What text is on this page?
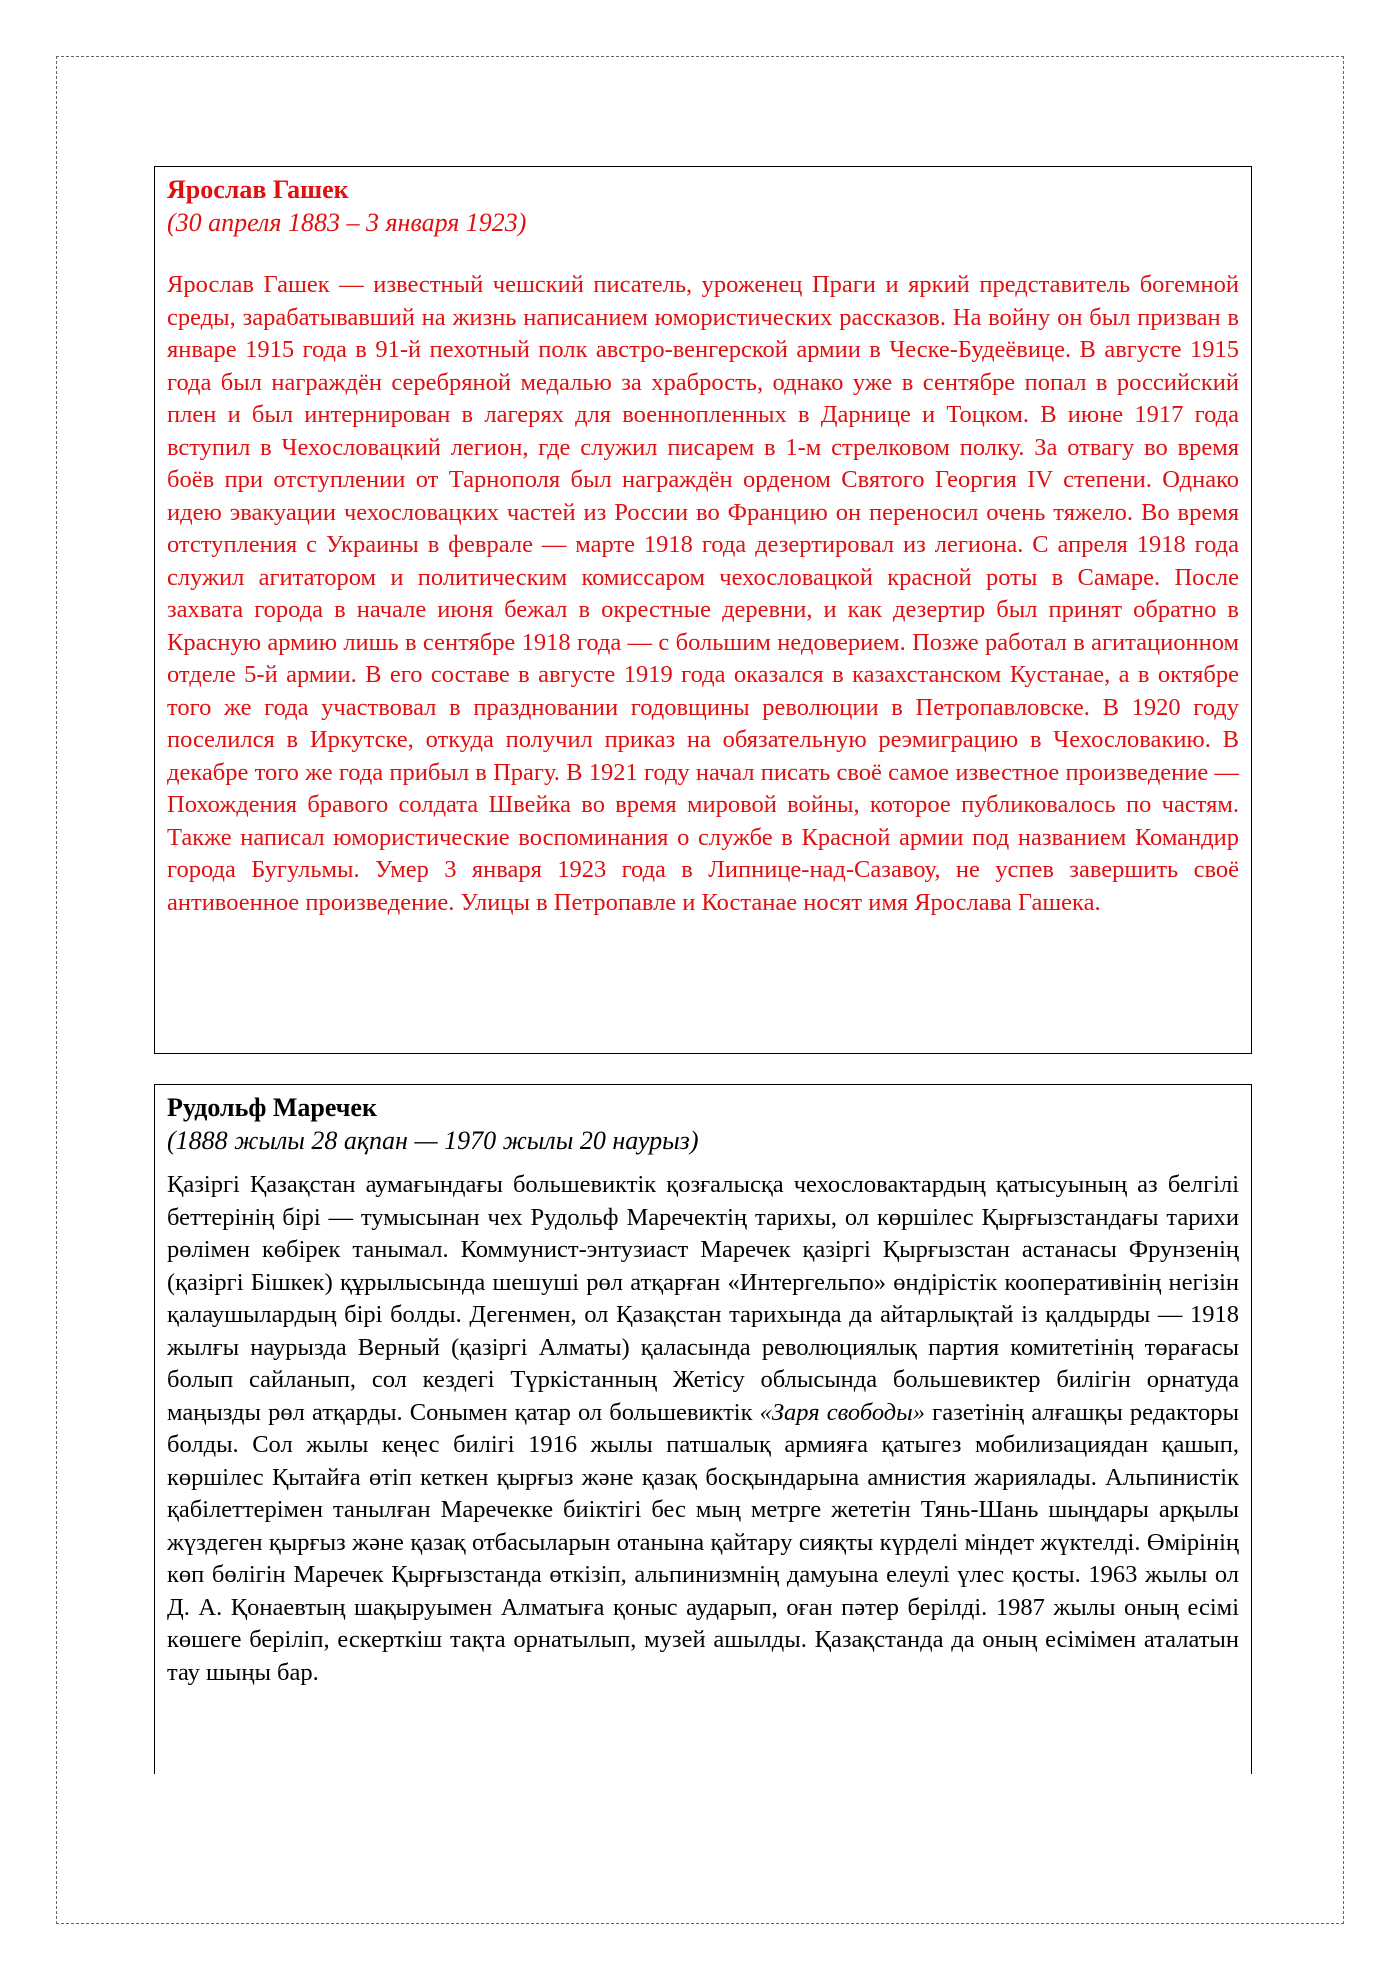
Ярослав Гашек
(30 апреля 1883 – 3 января 1923)

Ярослав Гашек — известный чешский писатель, уроженец Праги и яркий представитель богемной среды, зарабатывавший на жизнь написанием юмористических рассказов. На войну он был призван в январе 1915 года в 91-й пехотный полк австро-венгерской армии в Ческе-Будеёвице. В августе 1915 года был награждён серебряной медалью за храбрость, однако уже в сентябре попал в российский плен и был интернирован в лагерях для военнопленных в Дарнице и Тоцком. В июне 1917 года вступил в Чехословацкий легион, где служил писарем в 1-м стрелковом полку. За отвагу во время боёв при отступлении от Тарнополя был награждён орденом Святого Георгия IV степени. Однако идею эвакуации чехословацких частей из России во Францию он переносил очень тяжело. Во время отступления с Украины в феврале — марте 1918 года дезертировал из легиона. С апреля 1918 года служил агитатором и политическим комиссаром чехословацкой красной роты в Самаре. После захвата города в начале июня бежал в окрестные деревни, и как дезертир был принят обратно в Красную армию лишь в сентябре 1918 года — с большим недоверием. Позже работал в агитационном отделе 5-й армии. В его составе в августе 1919 года оказался в казахстанском Кустанае, а в октябре того же года участвовал в праздновании годовщины революции в Петропавловске. В 1920 году поселился в Иркутске, откуда получил приказ на обязательную реэмиграцию в Чехословакию. В декабре того же года прибыл в Прагу. В 1921 году начал писать своё самое известное произведение — Похождения бравого солдата Швейка во время мировой войны, которое публиковалось по частям. Также написал юмористические воспоминания о службе в Красной армии под названием Командир города Бугульмы. Умер 3 января 1923 года в Липнице-над-Сазавоу, не успев завершить своё антивоенное произведение. Улицы в Петропавле и Костанае носят имя Ярослава Гашека.

Рудольф Маречек
(1888 жылы 28 ақпан — 1970 жылы 20 наурыз)

Қазіргі Қазақстан аумағындағы большевиктік қозғалысқа чехословактардың қатысуының аз белгілі беттерінің бірі — тумысынан чех Рудольф Маречектің тарихы, ол көршілес Қырғызстандағы тарихи рөлімен көбірек танымал. Коммунист-энтузиаст Маречек қазіргі Қырғызстан астанасы Фрунзенің (қазіргі Бішкек) құрылысында шешуші рөл атқарған «Интергельпо» өндірістік кооперативінің негізін қалаушылардың бірі болды. Дегенмен, ол Қазақстан тарихында да айтарлықтай із қалдырды — 1918 жылғы наурызда Верный (қазіргі Алматы) қаласында революциялық партия комитетінің төрағасы болып сайланып, сол кездегі Түркістанның Жетісу облысында большевиктер билігін орнатуда маңызды рөл атқарды. Сонымен қатар ол большевиктік «Заря свободы» газетінің алғашқы редакторы болды. Сол жылы кеңес билігі 1916 жылы патшалық армияға қатыгез мобилизациядан қашып, көршілес Қытайға өтіп кеткен қырғыз және қазақ босқындарына амнистия жариялады. Альпинистік қабілеттерімен танылған Маречекке биіктігі бес мың метрге жететін Тянь-Шань шыңдары арқылы жүздеген қырғыз және қазақ отбасыларын отанына қайтару сияқты күрделі міндет жүктелді. Өмірінің көп бөлігін Маречек Қырғызстанда өткізіп, альпинизмнің дамуына елеулі үлес қосты. 1963 жылы ол Д. А. Қонаевтың шақыруымен Алматыға қоныс аударып, оған пәтер берілді. 1987 жылы оның есімі көшеге беріліп, ескерткіш тақта орнатылып, музей ашылды. Қазақстанда да оның есімімен аталатын тау шыңы бар.
